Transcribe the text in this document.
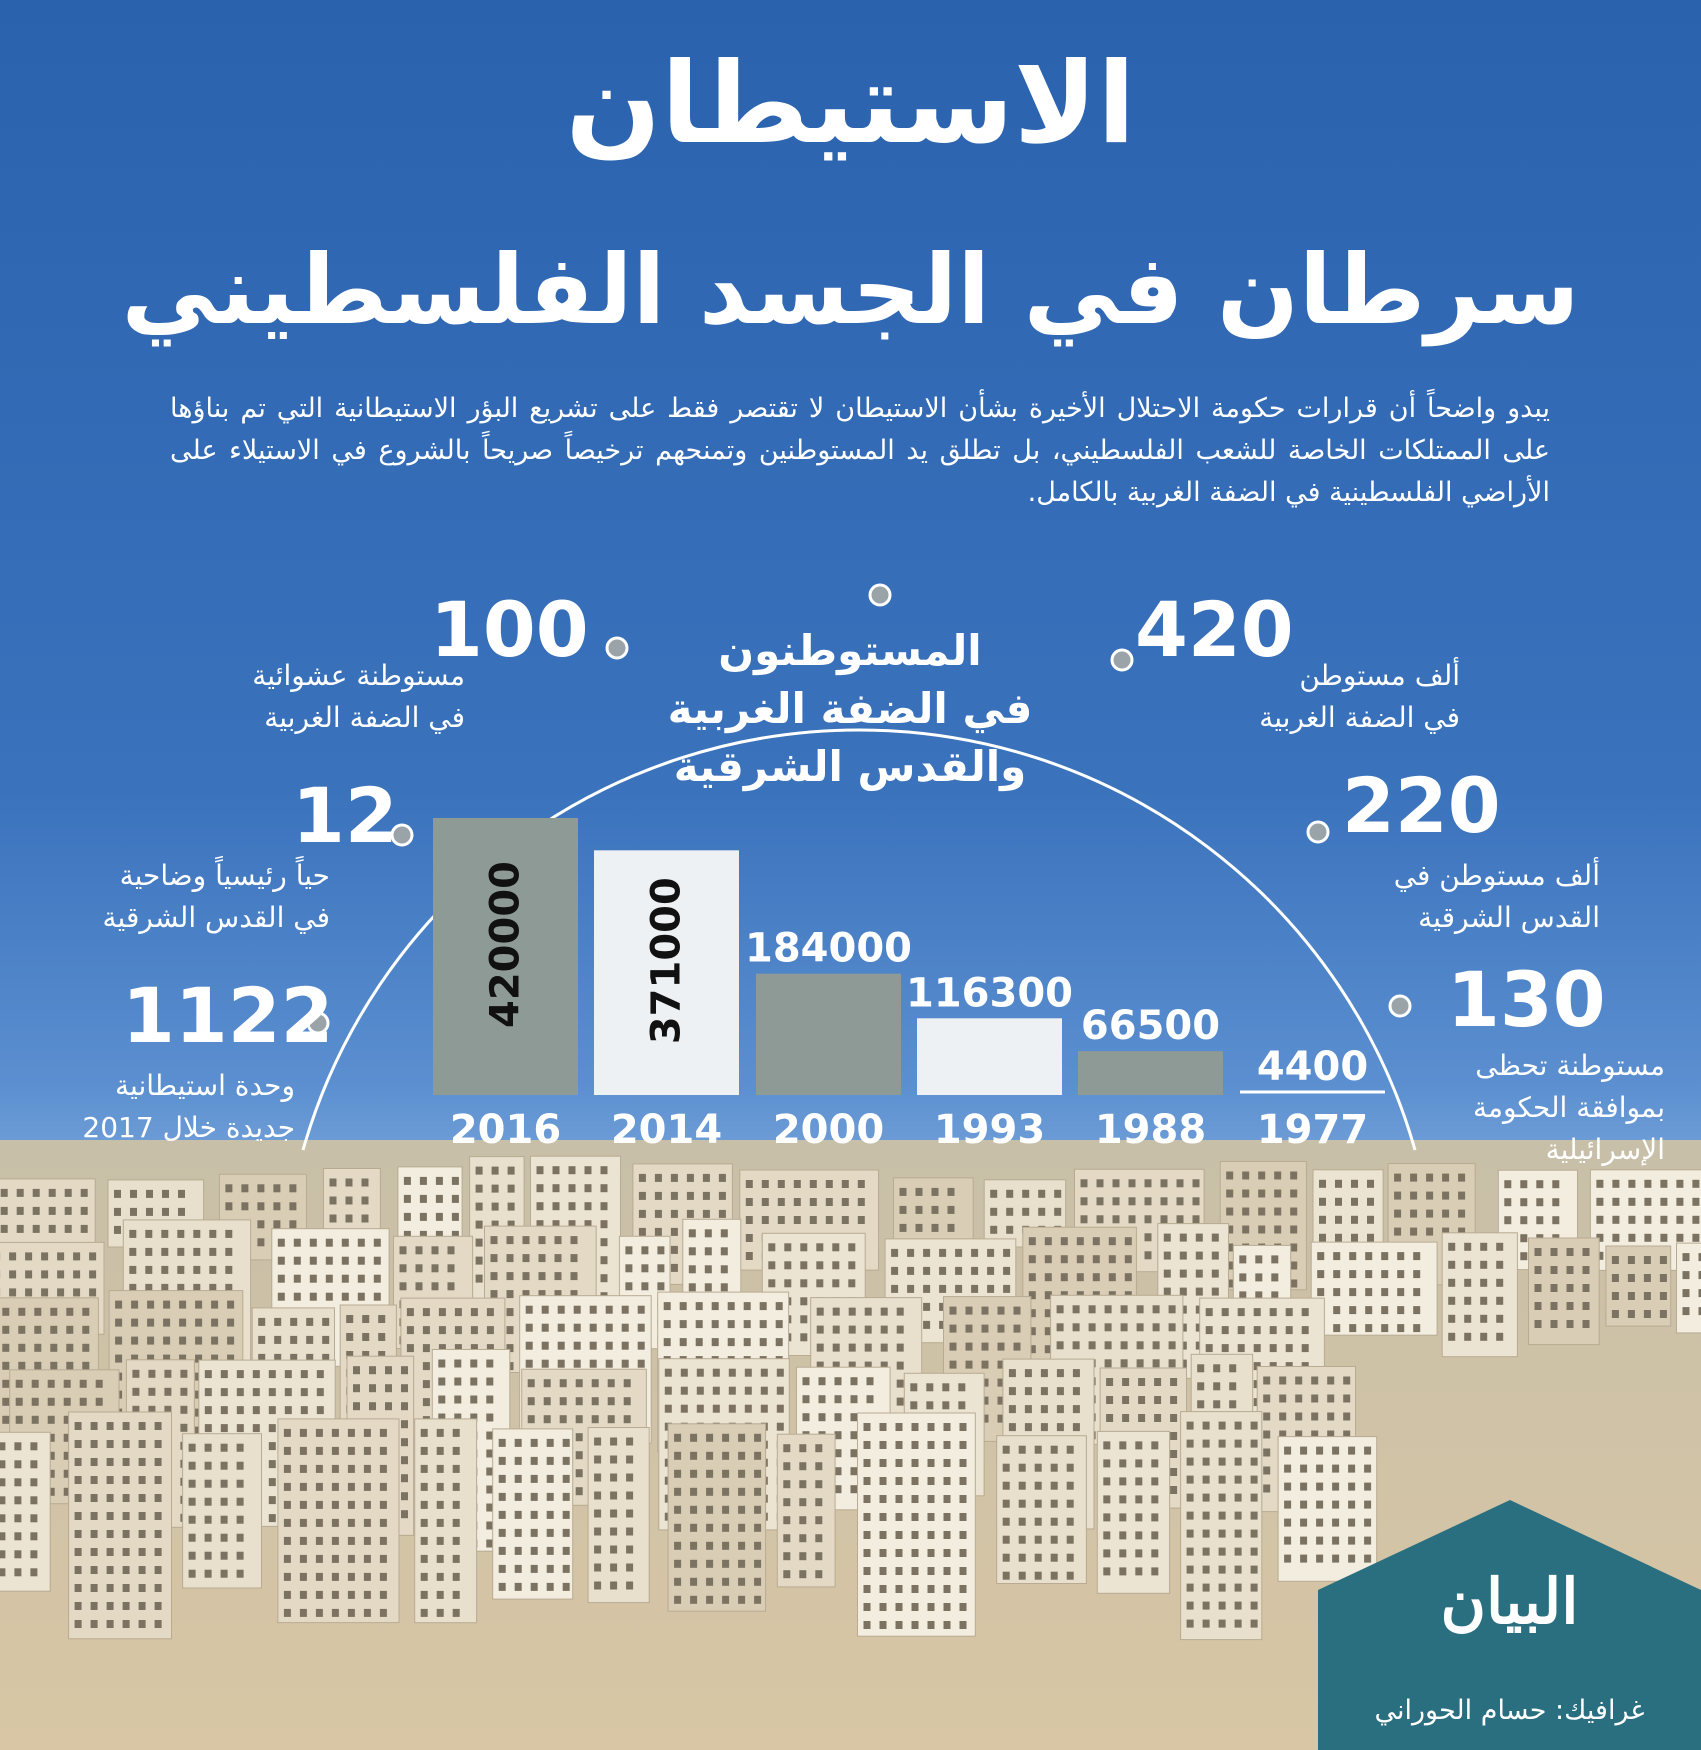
الاستيطان
سرطان في الجسد الفلسطيني

يبدو واضحاً أن قرارات حكومة الاحتلال الأخيرة بشأن الاستيطان لا تقتصر فقط على تشريع البؤر الاستيطانية التي تم بناؤها على الممتلكات الخاصة للشعب الفلسطيني، بل تطلق يد المستوطنين وتمنحهم ترخيصاً صريحاً بالشروع في الاستيلاء على الأراضي الفلسطينية في الضفة الغربية بالكامل.

420000
2016
371000
2014
184000
2000
116300
1993
66500
1988
4400
1977
المستوطنون
في الضفة الغربية
والقدس الشرقية
100
مستوطنة عشوائية
في الضفة الغربية
12
حياً رئيسياً وضاحية
في القدس الشرقية
1122
وحدة استيطانية
جديدة خلال 2017
420
ألف مستوطن
في الضفة الغربية
220
ألف مستوطن في
القدس الشرقية
130
مستوطنة تحظى
بموافقة الحكومة
الإسرائيلية
البيان
غرافيك: حسام الحوراني
